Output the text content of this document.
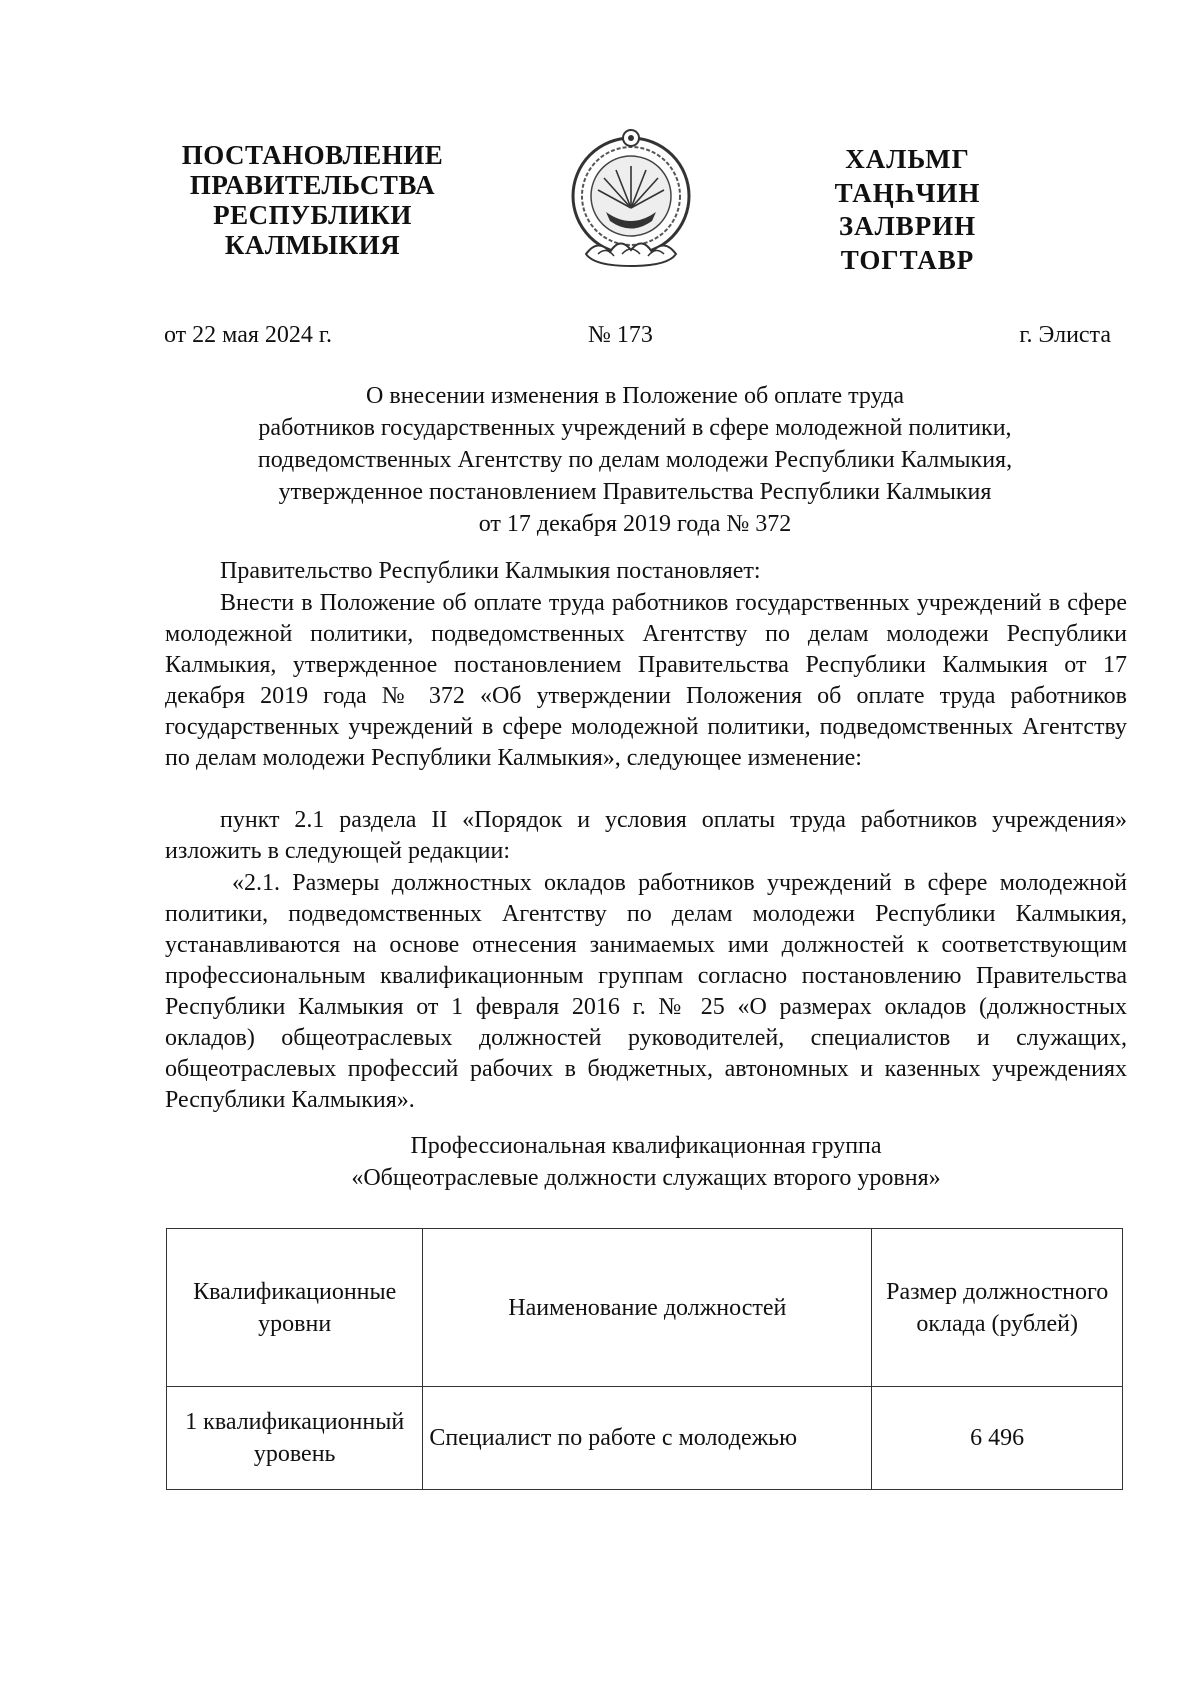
ПОСТАНОВЛЕНИЕ
ПРАВИТЕЛЬСТВА
РЕСПУБЛИКИ
КАЛМЫКИЯ
ХАЛЬМГ
ТАҢҺЧИН
ЗАЛВРИН
ТОГТАВР
от 22 мая 2024 г.	№ 173	г. Элиста
О внесении изменения в Положение об оплате труда
работников государственных учреждений в сфере молодежной политики,
подведомственных Агентству по делам молодежи Республики Калмыкия,
утвержденное постановлением Правительства Республики Калмыкия
от 17 декабря 2019 года № 372
Правительство Республики Калмыкия постановляет:
Внести в Положение об оплате труда работников государственных учреждений в сфере молодежной политики, подведомственных Агентству по делам молодежи Республики Калмыкия, утвержденное постановлением Правительства Республики Калмыкия от 17 декабря 2019 года № 372 «Об утверждении Положения об оплате труда работников государственных учреждений в сфере молодежной политики, подведомственных Агентству по делам молодежи Республики Калмыкия», следующее изменение:
пункт 2.1 раздела II «Порядок и условия оплаты труда работников учреждения» изложить в следующей редакции:
«2.1. Размеры должностных окладов работников учреждений в сфере молодежной политики, подведомственных Агентству по делам молодежи Республики Калмыкия, устанавливаются на основе отнесения занимаемых ими должностей к соответствующим профессиональным квалификационным группам согласно постановлению Правительства Республики Калмыкия от 1 февраля 2016 г. № 25 «О размерах окладов (должностных окладов) общеотраслевых должностей руководителей, специалистов и служащих, общеотраслевых профессий рабочих в бюджетных, автономных и казенных учреждениях Республики Калмыкия».
Профессиональная квалификационная группа
«Общеотраслевые должности служащих второго уровня»
Квалификационные уровни	Наименование должностей	Размер должностного оклада (рублей)
1 квалификационный уровень	Специалист по работе с молодежью	6 496
